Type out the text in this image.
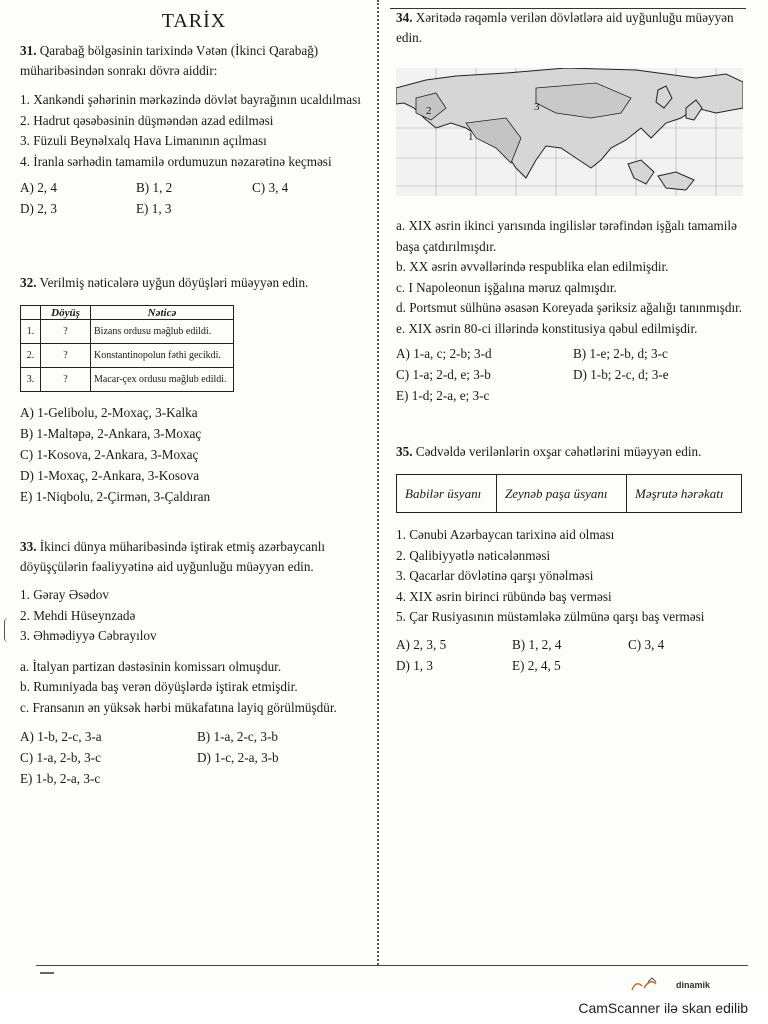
TARİX

31. Qarabağ bölgəsinin tarixində Vətən (İkinci Qarabağ) müharibəsindən sonrakı dövrə aiddir:

1. Xankəndi şəhərinin mərkəzində dövlət bayrağının ucaldılması

2. Hadrut qəsəbəsinin düşməndən azad edilməsi

3. Füzuli Beynəlxalq Hava Limanının açılması

4. İranla sərhədin tamamilə ordumuzun nəzarətinə keçməsi

A) 2, 4	B) 1, 2	C) 3, 4
D) 2, 3	E) 1, 3

32. Verilmiş nəticələrə uyğun döyüşləri müəyyən edin.

	Döyüş	Nəticə
1.	?	Bizans ordusu məğlub edildi.
2.	?	Konstantinopolun fəthi gecikdi.
3.	?	Macar-çex ordusu məğlub edildi.
A) 1-Gelibolu, 2-Moxaç, 3-Kalka
B) 1-Maltəpə, 2-Ankara, 3-Moxaç
C) 1-Kosova, 2-Ankara, 3-Moxaç
D) 1-Moxaç, 2-Ankara, 3-Kosova
E) 1-Niqbolu, 2-Çirmən, 3-Çaldıran

33. İkinci dünya müharibəsində iştirak etmiş azərbaycanlı döyüşçülərin fəaliyyətinə aid uyğunluğu müəyyən edin.

1. Gəray Əsədov

2. Mehdi Hüseynzadə

3. Əhmədiyyə Cəbrayılov

a. İtalyan partizan dəstəsinin komissarı olmuşdur.

b. Rumıniyada baş verən döyüşlərdə iştirak etmişdir.

c. Fransanın ən yüksək hərbi mükafatına layiq görülmüşdür.

A) 1-b, 2-c, 3-a	B) 1-a, 2-c, 3-b
C) 1-a, 2-b, 3-c	D) 1-c, 2-a, 3-b
E) 1-b, 2-a, 3-c

34. Xəritədə rəqəmlə verilən dövlətlərə aid uyğunluğu müəyyən edin.

1
2	3

a. XIX əsrin ikinci yarısında ingilislər tərəfindən işğalı tamamilə başa çatdırılmışdır.

b. XX əsrin əvvəllərində respublika elan edilmişdir.

c. I Napoleonun işğalına məruz qalmışdır.

d. Portsmut sülhünə əsasən Koreyada şəriksiz ağalığı tanınmışdır.

e. XIX əsrin 80-ci illərində konstitusiya qəbul edilmişdir.

A) 1-a, c; 2-b; 3-d	B) 1-e; 2-b, d; 3-c
C) 1-a; 2-d, e; 3-b	D) 1-b; 2-c, d; 3-e
E) 1-d; 2-a, e; 3-c

35. Cədvəldə verilənlərin oxşar cəhətlərini müəyyən edin.

Babilər üsyanı	Zeynəb paşa üsyanı	Məşrutə hərəkatı

1. Cənubi Azərbaycan tarixinə aid olması

2. Qalibiyyətlə nəticələnməsi

3. Qacarlar dövlətinə qarşı yönəlməsi

4. XIX əsrin birinci rübündə baş verməsi

5. Çar Rusiyasının müstəmləkə zülmünə qarşı baş verməsi

A) 2, 3, 5	B) 1, 2, 4	C) 3, 4
D) 1, 3	E) 2, 4, 5
dinamik
CamScanner ilə skan edilib
